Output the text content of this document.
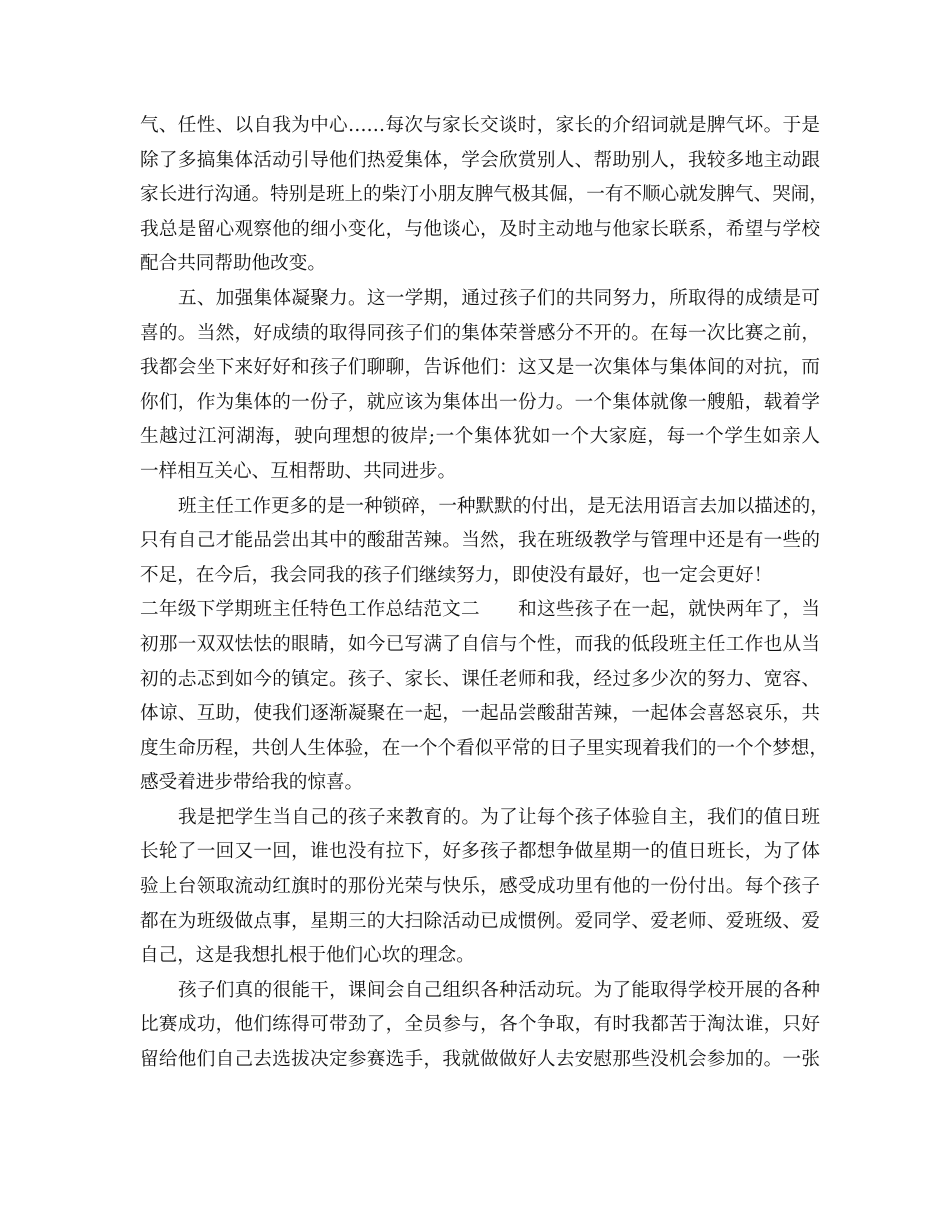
气、任性、以自我为中心……每次与家长交谈时，家长的介绍词就是脾气坏。于是
除了多搞集体活动引导他们热爱集体，学会欣赏别人、帮助别人，我较多地主动跟
家长进行沟通。特别是班上的柴汀小朋友脾气极其倔，一有不顺心就发脾气、哭闹，
我总是留心观察他的细小变化，与他谈心，及时主动地与他家长联系，希望与学校
配合共同帮助他改变。
五、加强集体凝聚力。这一学期，通过孩子们的共同努力，所取得的成绩是可
喜的。当然，好成绩的取得同孩子们的集体荣誉感分不开的。在每一次比赛之前，
我都会坐下来好好和孩子们聊聊，告诉他们：这又是一次集体与集体间的对抗，而
你们，作为集体的一份子，就应该为集体出一份力。一个集体就像一艘船，载着学
生越过江河湖海，驶向理想的彼岸;一个集体犹如一个大家庭，每一个学生如亲人
一样相互关心、互相帮助、共同进步。
班主任工作更多的是一种锁碎，一种默默的付出，是无法用语言去加以描述的，
只有自己才能品尝出其中的酸甜苦辣。当然，我在班级教学与管理中还是有一些的
不足，在今后，我会同我的孩子们继续努力，即使没有最好，也一定会更好！
二年级下学期班主任特色工作总结范文二 和这些孩子在一起，就快两年了，当
初那一双双怯怯的眼睛，如今已写满了自信与个性，而我的低段班主任工作也从当
初的忐忑到如今的镇定。孩子、家长、课任老师和我，经过多少次的努力、宽容、
体谅、互助，使我们逐渐凝聚在一起，一起品尝酸甜苦辣，一起体会喜怒哀乐，共
度生命历程，共创人生体验，在一个个看似平常的日子里实现着我们的一个个梦想，
感受着进步带给我的惊喜。
我是把学生当自己的孩子来教育的。为了让每个孩子体验自主，我们的值日班
长轮了一回又一回，谁也没有拉下，好多孩子都想争做星期一的值日班长，为了体
验上台领取流动红旗时的那份光荣与快乐，感受成功里有他的一份付出。每个孩子
都在为班级做点事，星期三的大扫除活动已成惯例。爱同学、爱老师、爱班级、爱
自己，这是我想扎根于他们心坎的理念。
孩子们真的很能干，课间会自己组织各种活动玩。为了能取得学校开展的各种
比赛成功，他们练得可带劲了，全员参与，各个争取，有时我都苦于淘汰谁，只好
留给他们自己去选拔决定参赛选手，我就做做好人去安慰那些没机会参加的。一张
